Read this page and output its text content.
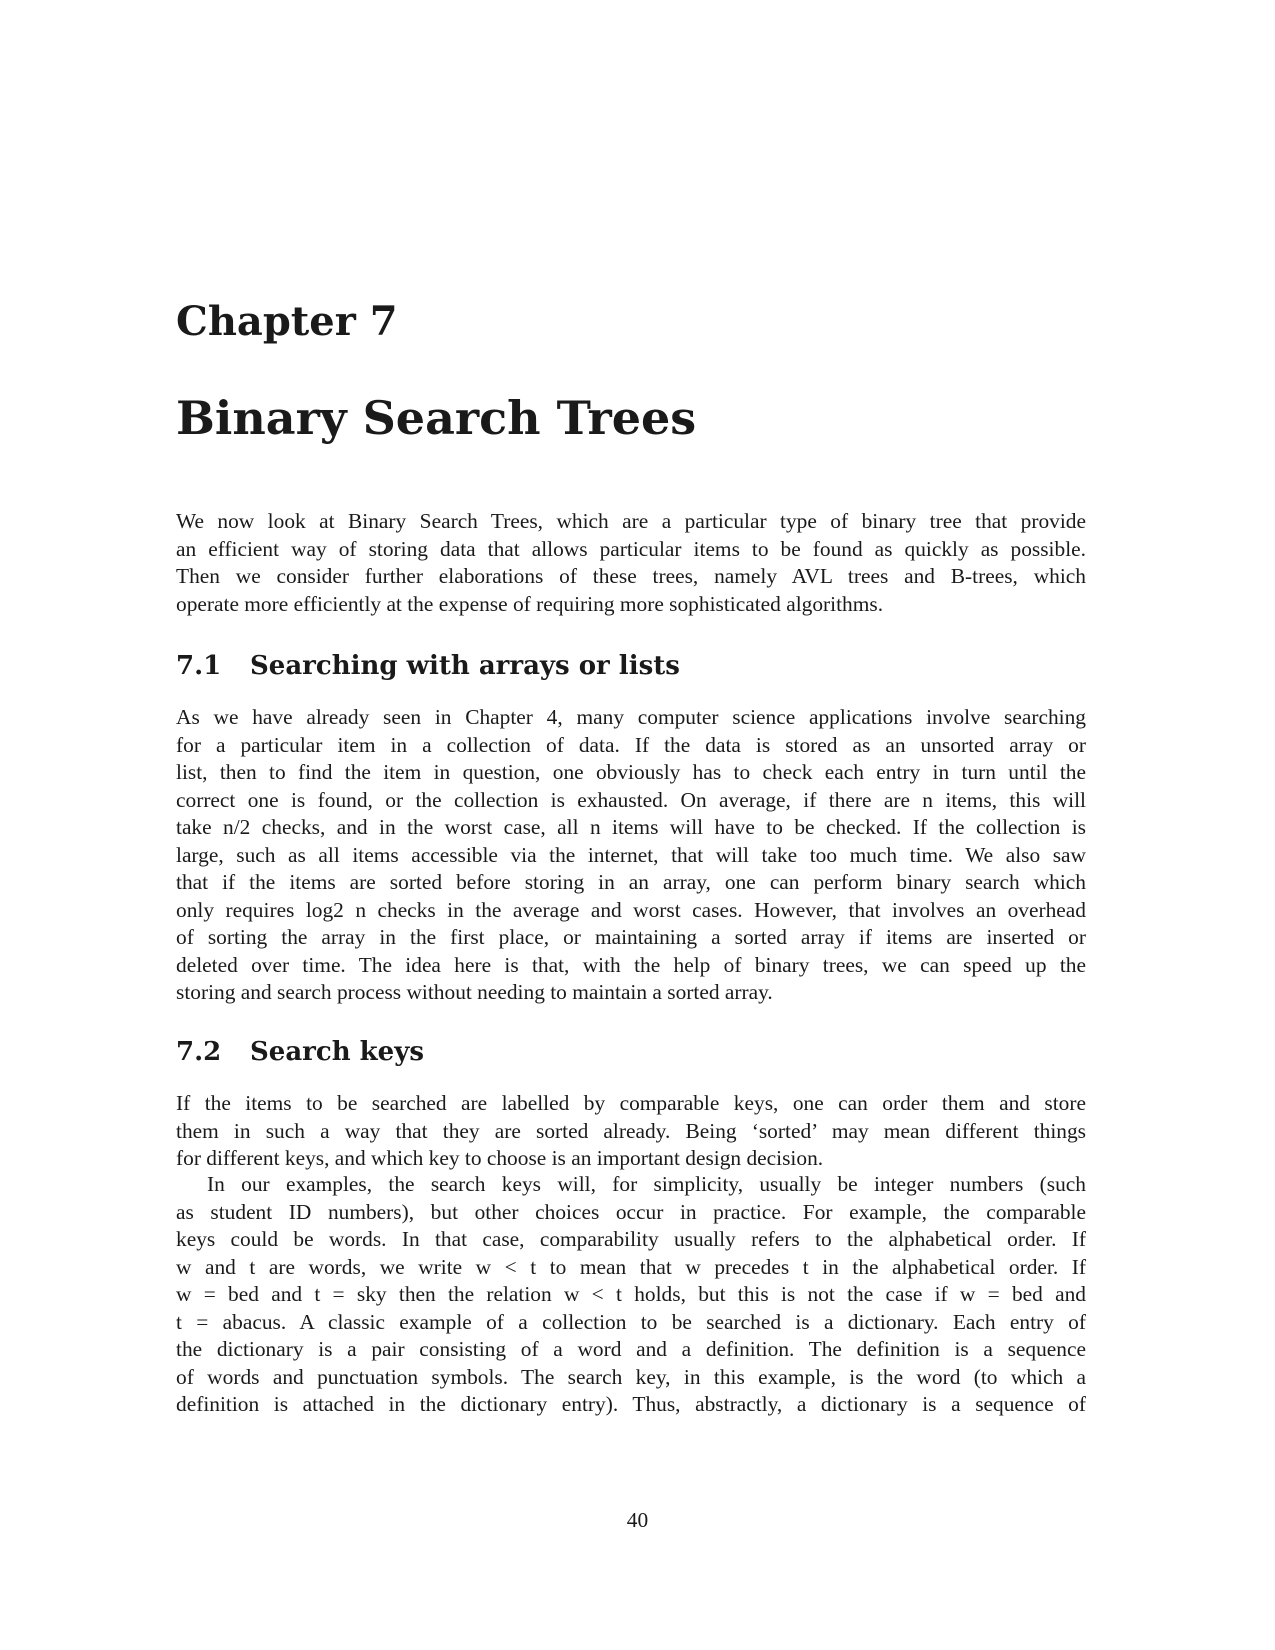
Chapter 7
Binary Search Trees
We now look at Binary Search Trees, which are a particular type of binary tree that provide
an efficient way of storing data that allows particular items to be found as quickly as possible.
Then we consider further elaborations of these trees, namely AVL trees and B-trees, which
operate more efficiently at the expense of requiring more sophisticated algorithms.
7.1 Searching with arrays or lists
As we have already seen in Chapter 4, many computer science applications involve searching
for a particular item in a collection of data. If the data is stored as an unsorted array or
list, then to find the item in question, one obviously has to check each entry in turn until the
correct one is found, or the collection is exhausted. On average, if there are n items, this will
take n/2 checks, and in the worst case, all n items will have to be checked. If the collection is
large, such as all items accessible via the internet, that will take too much time. We also saw
that if the items are sorted before storing in an array, one can perform binary search which
only requires log2 n checks in the average and worst cases. However, that involves an overhead
of sorting the array in the first place, or maintaining a sorted array if items are inserted or
deleted over time. The idea here is that, with the help of binary trees, we can speed up the
storing and search process without needing to maintain a sorted array.
7.2 Search keys
If the items to be searched are labelled by comparable keys, one can order them and store
them in such a way that they are sorted already. Being ‘sorted’ may mean different things
for different keys, and which key to choose is an important design decision.
In our examples, the search keys will, for simplicity, usually be integer numbers (such
as student ID numbers), but other choices occur in practice. For example, the comparable
keys could be words. In that case, comparability usually refers to the alphabetical order. If
w and t are words, we write w < t to mean that w precedes t in the alphabetical order. If
w = bed and t = sky then the relation w < t holds, but this is not the case if w = bed and
t = abacus. A classic example of a collection to be searched is a dictionary. Each entry of
the dictionary is a pair consisting of a word and a definition. The definition is a sequence
of words and punctuation symbols. The search key, in this example, is the word (to which a
definition is attached in the dictionary entry). Thus, abstractly, a dictionary is a sequence of

40
